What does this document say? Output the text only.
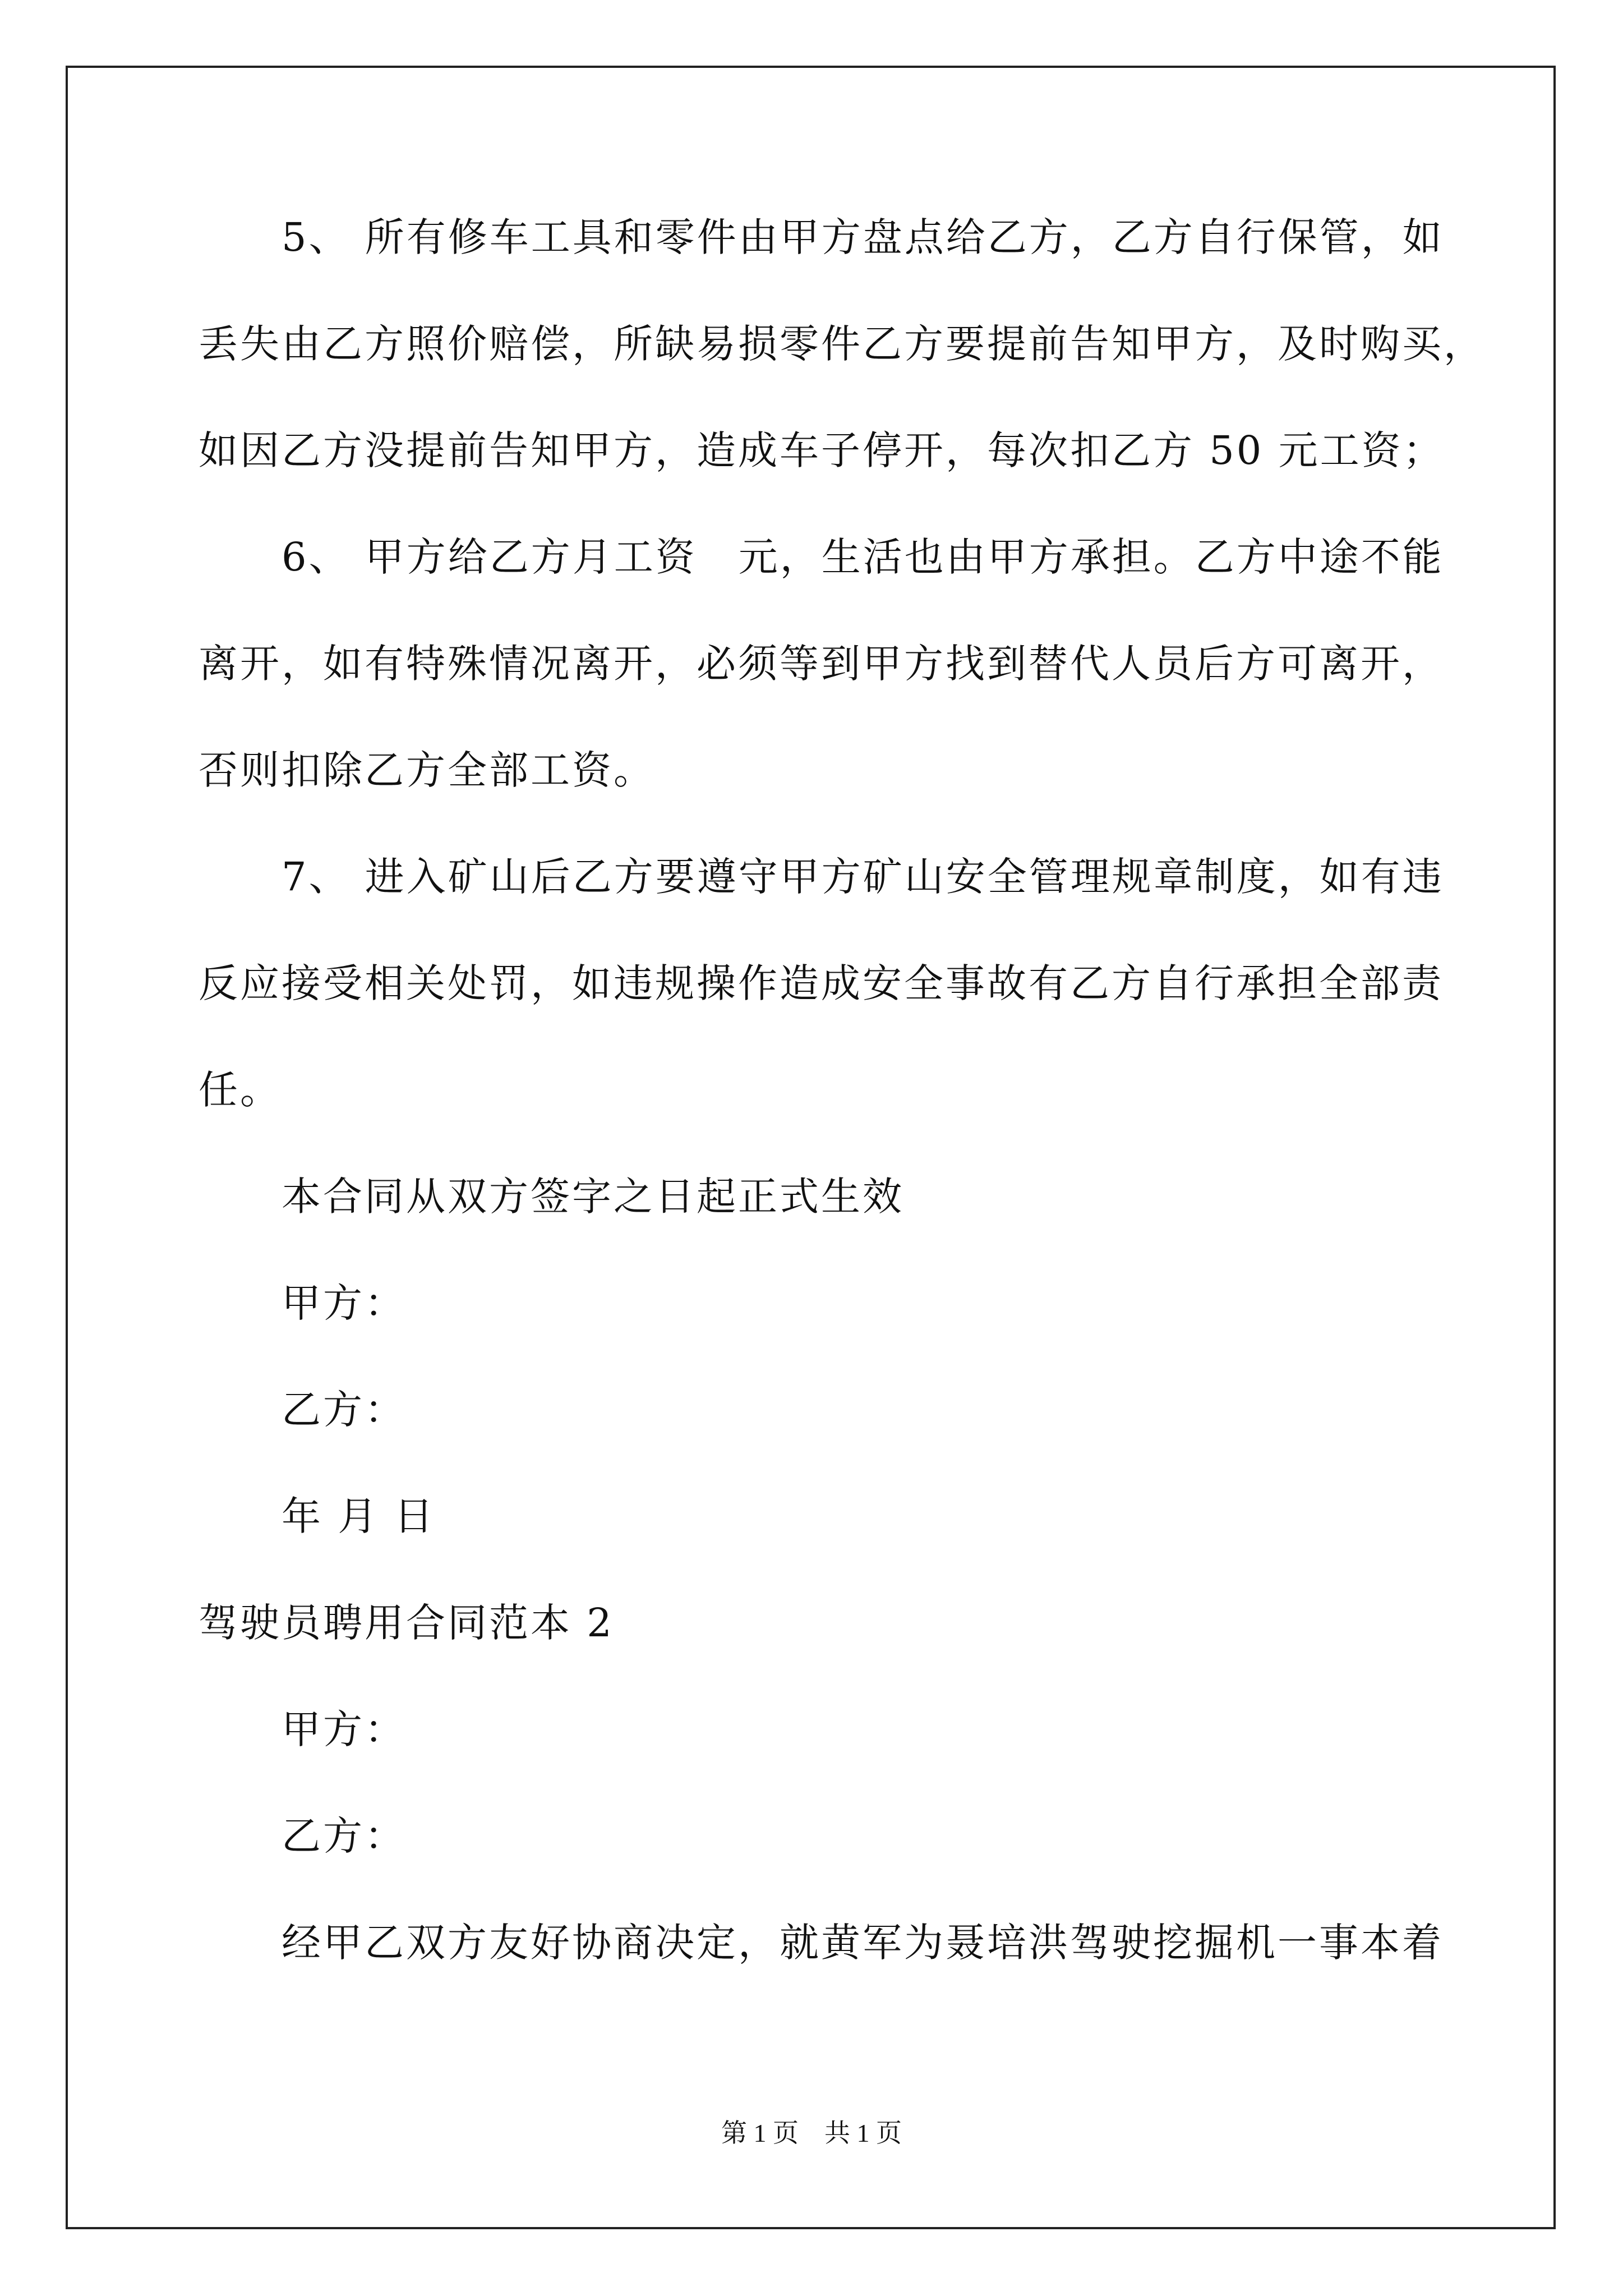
5、 所有修车工具和零件由甲方盘点给乙方，乙方自行保管，如
丢失由乙方照价赔偿，所缺易损零件乙方要提前告知甲方，及时购买，
如因乙方没提前告知甲方，造成车子停开，每次扣乙方 50 元工资；
6、 甲方给乙方月工资　元，生活也由甲方承担。乙方中途不能
离开，如有特殊情况离开，必须等到甲方找到替代人员后方可离开，
否则扣除乙方全部工资。
7、 进入矿山后乙方要遵守甲方矿山安全管理规章制度，如有违
反应接受相关处罚，如违规操作造成安全事故有乙方自行承担全部责
任。
本合同从双方签字之日起正式生效
甲方：
乙方：
年 月 日
驾驶员聘用合同范本 2
甲方：
乙方：
经甲乙双方友好协商决定，就黄军为聂培洪驾驶挖掘机一事本着
第 1 页　共 1 页
